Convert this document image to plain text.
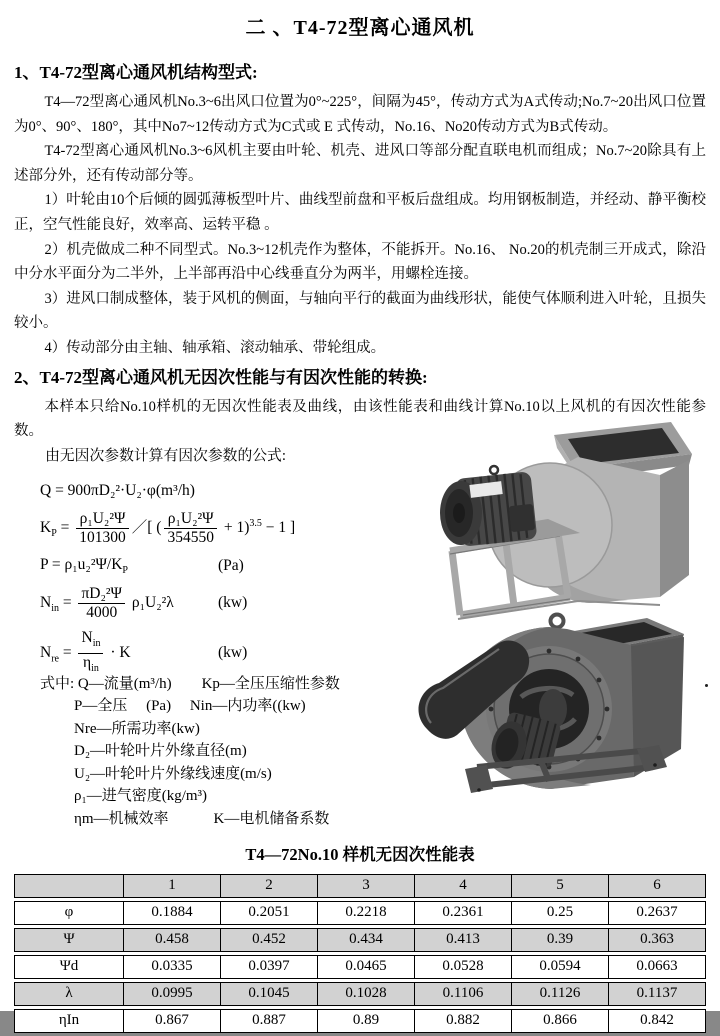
二 、T4-72型离心通风机
1、T4-72型离心通风机结构型式:

T4—72型离心通风机No.3~6出风口位置为0°~225°，间隔为45°，传动方式为A式传动;No.7~20出风口位置为0°、90°、180°，其中No7~12传动方式为C式或 E 式传动，No.16、No20传动方式为B式传动。

T4-72型离心通风机No.3~6风机主要由叶轮、机壳、进风口等部分配直联电机而组成；No.7~20除具有上述部分外，还有传动部分等。

1）叶轮由10个后倾的圆弧薄板型叶片、曲线型前盘和平板后盘组成。均用钢板制造，并经动、静平衡校正，空气性能良好，效率高、运转平稳 。

2）机壳做成二种不同型式。No.3~12机壳作为整体，不能拆开。No.16、 No.20的机壳制三开成式，除沿中分水平面分为二半外，上半部再沿中心线垂直分为两半，用螺栓连接。

3）进风口制成整体，装于风机的侧面，与轴向平行的截面为曲线形状，能使气体顺利进入叶轮，且损失较小。

4）传动部分由主轴、轴承箱、滚动轴承、带轮组成。

2、T4-72型离心通风机无因次性能与有因次性能的转换:

本样本只给No.10样机的无因次性能表及曲线，由该性能表和曲线计算No.10以上风机的有因次性能参数。

由无因次参数计算有因次参数的公式:

Q = 900πD₂²·U₂·φ(m³/h)
$K_P = \frac{\text{ρ₁U₂²Ψ}}{101300}$ ／[ ( $\frac{\text{ρ₁U₂²Ψ}}{354550} + 1)^{3.5} - 1$ ]
P = ρ₁u₂²Ψ/$K_P$	(Pa)
$N_{in} = \frac{\text{πD₂²Ψ}}{4000} \rho_1U_2^2\lambda$	(kw)
$N_{re} = \frac{N_{in}}{\eta_{in}} \cdot K$	(kw)
式中: Q—流量(m³/h)　　Kp—全压压缩性参数
P—全压　 (Pa)　 Nin—内功率((kw)
Nre—所需功率(kw)
D₂—叶轮叶片外缘直径(m)
U₂—叶轮叶片外缘线速度(m/s)
ρ₁—进气密度(kg/m³)
ηm—机械效率　　　K—电机储备系数
T4—72No.10 样机无因次性能表
	1	2	3	4	5	6
φ	0.1884	0.2051	0.2218	0.2361	0.25	0.2637
Ψ	0.458	0.452	0.434	0.413	0.39	0.363
Ψd	0.0335	0.0397	0.0465	0.0528	0.0594	0.0663
λ	0.0995	0.1045	0.1028	0.1106	0.1126	0.1137
ηIn	0.867	0.887	0.89	0.882	0.866	0.842
